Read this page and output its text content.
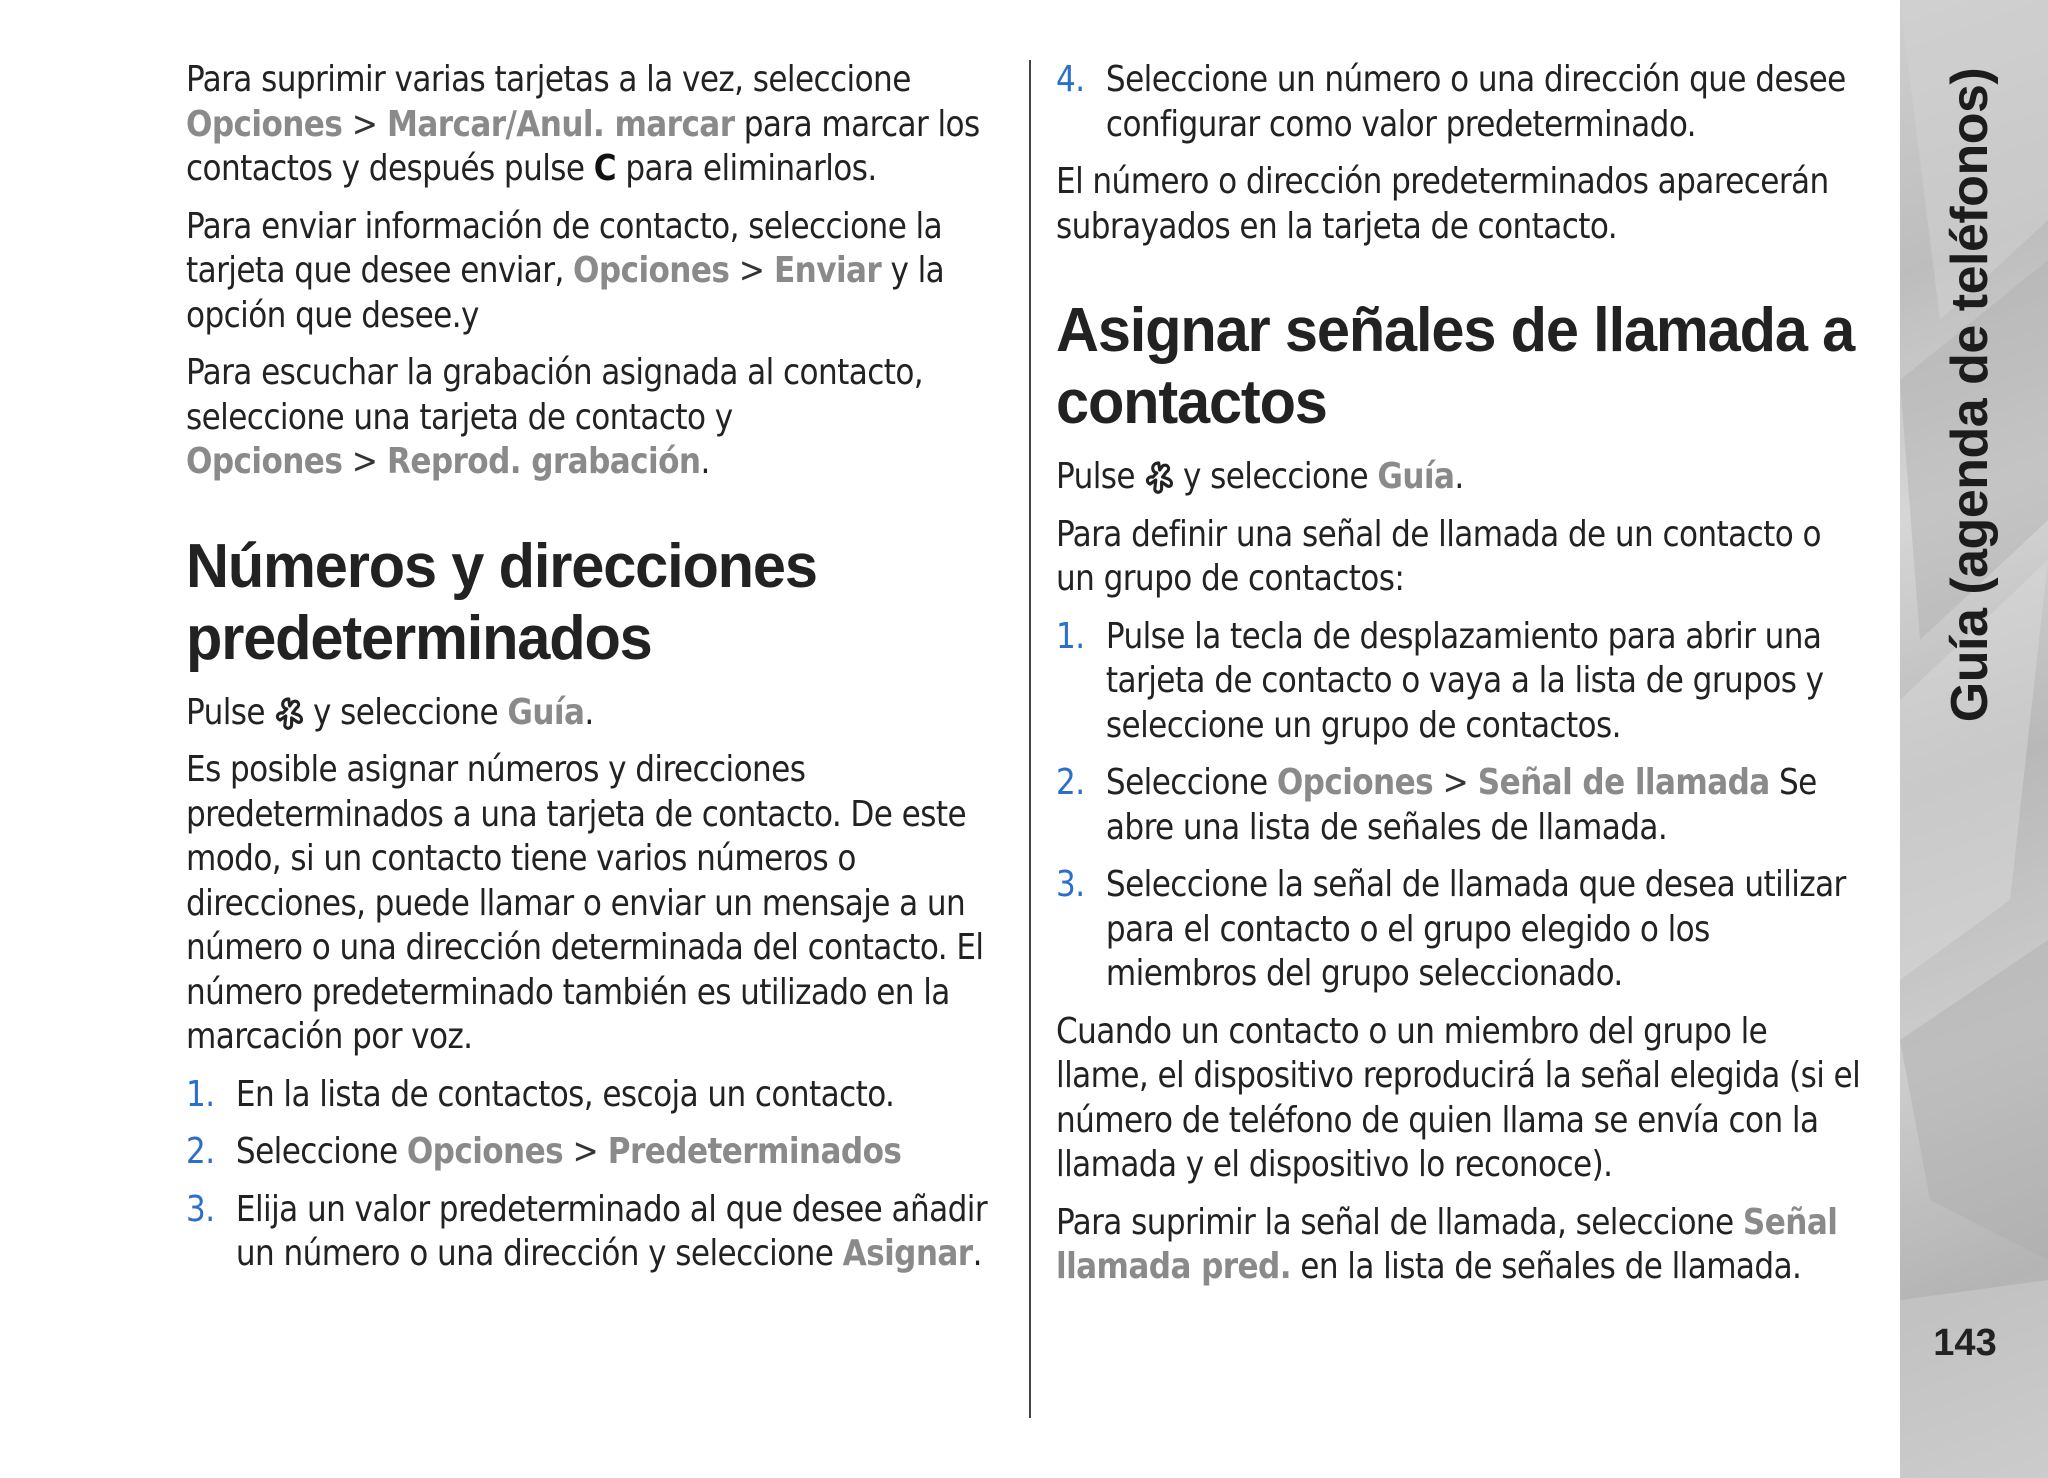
Para suprimir varias tarjetas a la vez, seleccione Opciones > Marcar/Anul. marcar para marcar los contactos y después pulse C para eliminarlos.

Para enviar información de contacto, seleccione la tarjeta que desee enviar, Opciones > Enviar y la opción que desee.y

Para escuchar la grabación asignada al contacto, seleccione una tarjeta de contacto y Opciones > Reprod. grabación.

Números y direcciones predeterminados

Pulse y seleccione Guía.

Es posible asignar números y direcciones predeterminados a una tarjeta de contacto. De este modo, si un contacto tiene varios números o direcciones, puede llamar o enviar un mensaje a un número o una dirección determinada del contacto. El número predeterminado también es utilizado en la marcación por voz.

1. En la lista de contactos, escoja un contacto.
2. Seleccione Opciones > Predeterminados
3. Elija un valor predeterminado al que desee añadir un número o una dirección y seleccione Asignar.
4. Seleccione un número o una dirección que desee configurar como valor predeterminado.

El número o dirección predeterminados aparecerán subrayados en la tarjeta de contacto.

Asignar señales de llamada a contactos

Pulse y seleccione Guía.

Para definir una señal de llamada de un contacto o un grupo de contactos:

1. Pulse la tecla de desplazamiento para abrir una tarjeta de contacto o vaya a la lista de grupos y seleccione un grupo de contactos.
2. Seleccione Opciones > Señal de llamada Se abre una lista de señales de llamada.
3. Seleccione la señal de llamada que desea utilizar para el contacto o el grupo elegido o los miembros del grupo seleccionado.

Cuando un contacto o un miembro del grupo le llame, el dispositivo reproducirá la señal elegida (si el número de teléfono de quien llama se envía con la llamada y el dispositivo lo reconoce).

Para suprimir la señal de llamada, seleccione Señal llamada pred. en la lista de señales de llamada.

Guía (agenda de teléfonos)
143
